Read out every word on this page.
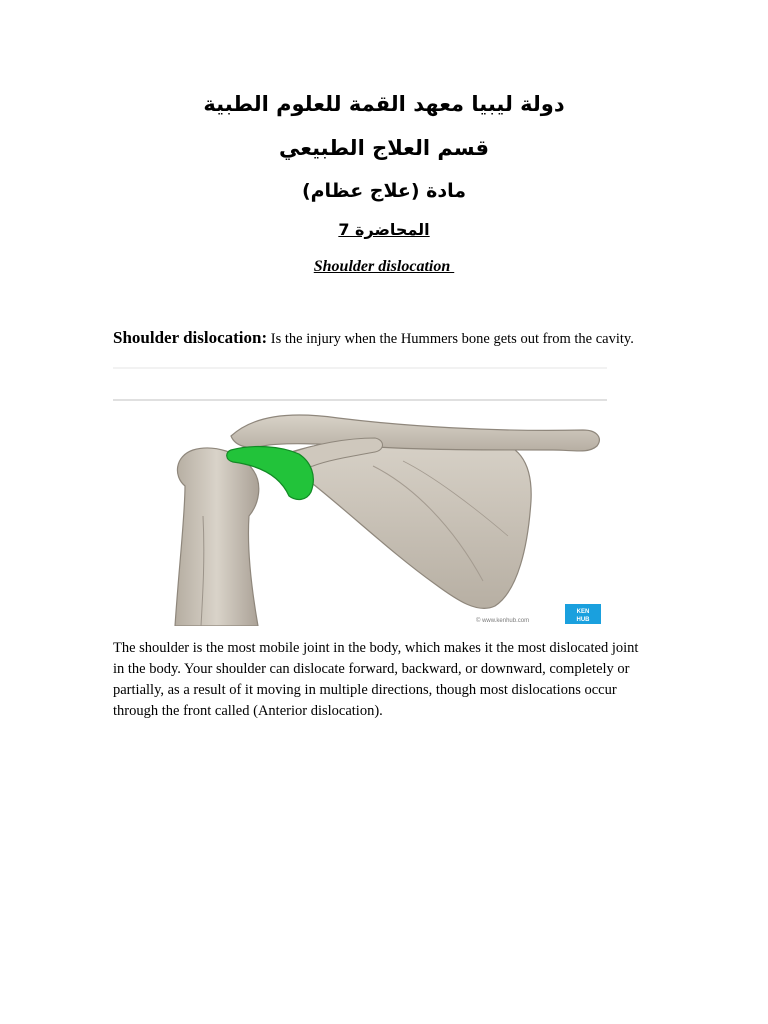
دولة ليبيا معهد القمة للعلوم الطبية
قسم العلاج الطبيعي
مادة (علاج عظام)
المحاضرة 7
Shoulder dislocation
Shoulder dislocation: Is the injury when the Hummers bone gets out from the cavity.
© www.kenhub.com
KEN
HUB
The shoulder is the most mobile joint in the body, which makes it the most dislocated joint in the body. Your shoulder can dislocate forward, backward, or downward, completely or partially, as a result of it moving in multiple directions, though most dislocations occur through the front called (Anterior dislocation).
